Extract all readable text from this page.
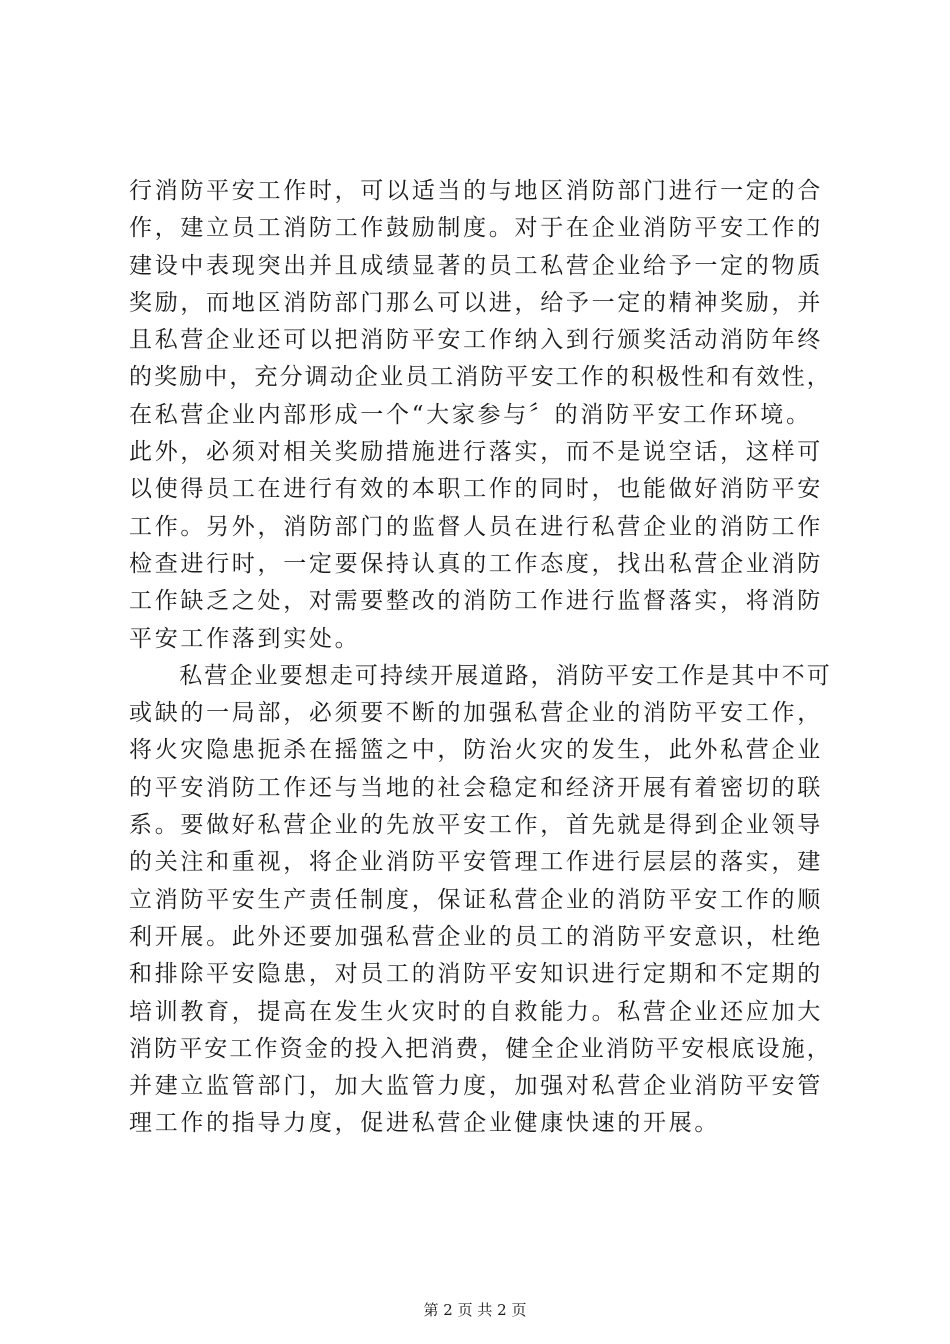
行消防平安工作时，可以适当的与地区消防部门进行一定的合
作，建立员工消防工作鼓励制度。对于在企业消防平安工作的
建设中表现突出并且成绩显著的员工私营企业给予一定的物质
奖励，而地区消防部门那么可以进，给予一定的精神奖励，并
且私营企业还可以把消防平安工作纳入到行颁奖活动消防年终
的奖励中，充分调动企业员工消防平安工作的积极性和有效性，
在私营企业内部形成一个“大家参与〞的消防平安工作环境。
此外，必须对相关奖励措施进行落实，而不是说空话，这样可
以使得员工在进行有效的本职工作的同时，也能做好消防平安
工作。另外，消防部门的监督人员在进行私营企业的消防工作
检查进行时，一定要保持认真的工作态度，找出私营企业消防
工作缺乏之处，对需要整改的消防工作进行监督落实，将消防
平安工作落到实处。
　　私营企业要想走可持续开展道路，消防平安工作是其中不可
或缺的一局部，必须要不断的加强私营企业的消防平安工作，
将火灾隐患扼杀在摇篮之中，防治火灾的发生，此外私营企业
的平安消防工作还与当地的社会稳定和经济开展有着密切的联
系。要做好私营企业的先放平安工作，首先就是得到企业领导
的关注和重视，将企业消防平安管理工作进行层层的落实，建
立消防平安生产责任制度，保证私营企业的消防平安工作的顺
利开展。此外还要加强私营企业的员工的消防平安意识，杜绝
和排除平安隐患，对员工的消防平安知识进行定期和不定期的
培训教育，提高在发生火灾时的自救能力。私营企业还应加大
消防平安工作资金的投入把消费，健全企业消防平安根底设施，
并建立监管部门，加大监管力度，加强对私营企业消防平安管
理工作的指导力度，促进私营企业健康快速的开展。
第 2 页 共 2 页
